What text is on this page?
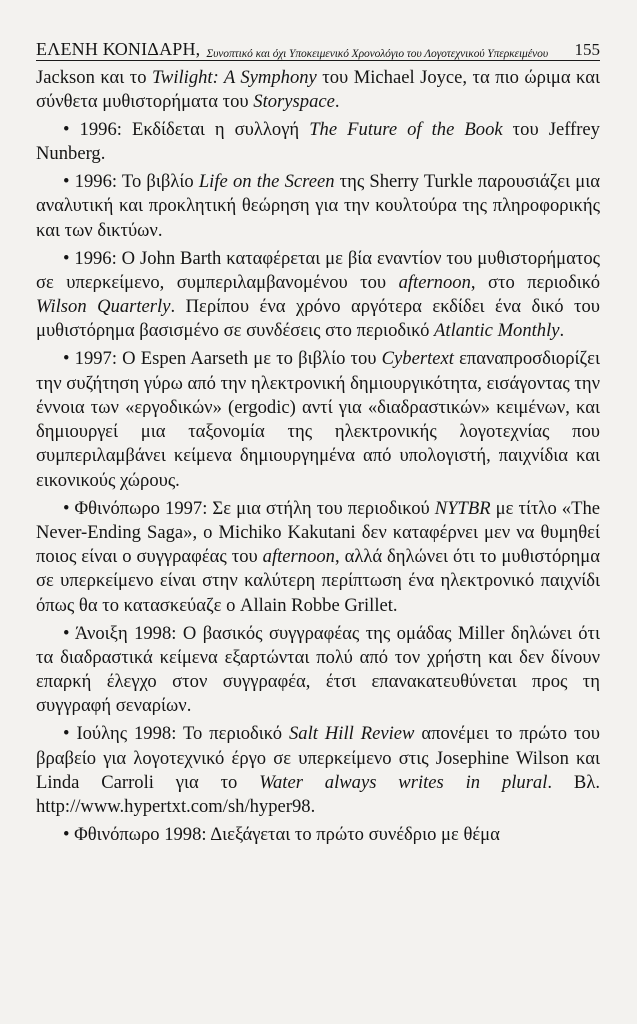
ΕΛΕΝΗ ΚΟΝΙΔΑΡΗ, Συνοπτικό και όχι Υποκειμενικό Χρονολόγιο του Λογοτεχνικού Υπερκειμένου 155

Jackson και το Twilight: A Symphony του Michael Joyce, τα πιο ώριμα και σύνθετα μυθιστορήματα του Storyspace.

• 1996: Εκδίδεται η συλλογή The Future of the Book του Jeffrey Nunberg.

• 1996: Το βιβλίο Life on the Screen της Sherry Turkle παρουσιάζει μια αναλυτική και προκλητική θεώρηση για την κουλτούρα της πληροφορικής και των δικτύων.

• 1996: Ο John Barth καταφέρεται με βία εναντίον του μυθιστορήματος σε υπερκείμενο, συμπεριλαμβανομένου του afternoon, στο περιοδικό Wilson Quarterly. Περίπου ένα χρόνο αργότερα εκδίδει ένα δικό του μυθιστόρημα βασισμένο σε συνδέσεις στο περιοδικό Atlantic Monthly.

• 1997: Ο Espen Aarseth με το βιβλίο του Cybertext επαναπροσδιορίζει την συζήτηση γύρω από την ηλεκτρονική δημιουργικότητα, εισάγοντας την έννοια των «εργοδικών» (ergodic) αντί για «διαδραστικών» κειμένων, και δημιουργεί μια ταξονομία της ηλεκτρονικής λογοτεχνίας που συμπεριλαμβάνει κείμενα δημιουργημένα από υπολογιστή, παιχνίδια και εικονικούς χώρους.

• Φθινόπωρο 1997: Σε μια στήλη του περιοδικού NYTBR με τίτλο «The Never-Ending Saga», ο Michiko Kakutani δεν καταφέρνει μεν να θυμηθεί ποιος είναι ο συγγραφέας του afternoon, αλλά δηλώνει ότι το μυθιστόρημα σε υπερκείμενο είναι στην καλύτερη περίπτωση ένα ηλεκτρονικό παιχνίδι όπως θα το κατασκεύαζε ο Allain Robbe Grillet.

• Άνοιξη 1998: Ο βασικός συγγραφέας της ομάδας Miller δηλώνει ότι τα διαδραστικά κείμενα εξαρτώνται πολύ από τον χρήστη και δεν δίνουν επαρκή έλεγχο στον συγγραφέα, έτσι επανακατευθύνεται προς τη συγγραφή σεναρίων.

• Ιούλης 1998: Το περιοδικό Salt Hill Review απονέμει το πρώτο του βραβείο για λογοτεχνικό έργο σε υπερκείμενο στις Josephine Wilson και Linda Carroli για το Water always writes in plural. Βλ. http://www.hypertxt.com/sh/hyper98.

• Φθινόπωρο 1998: Διεξάγεται το πρώτο συνέδριο με θέμα
